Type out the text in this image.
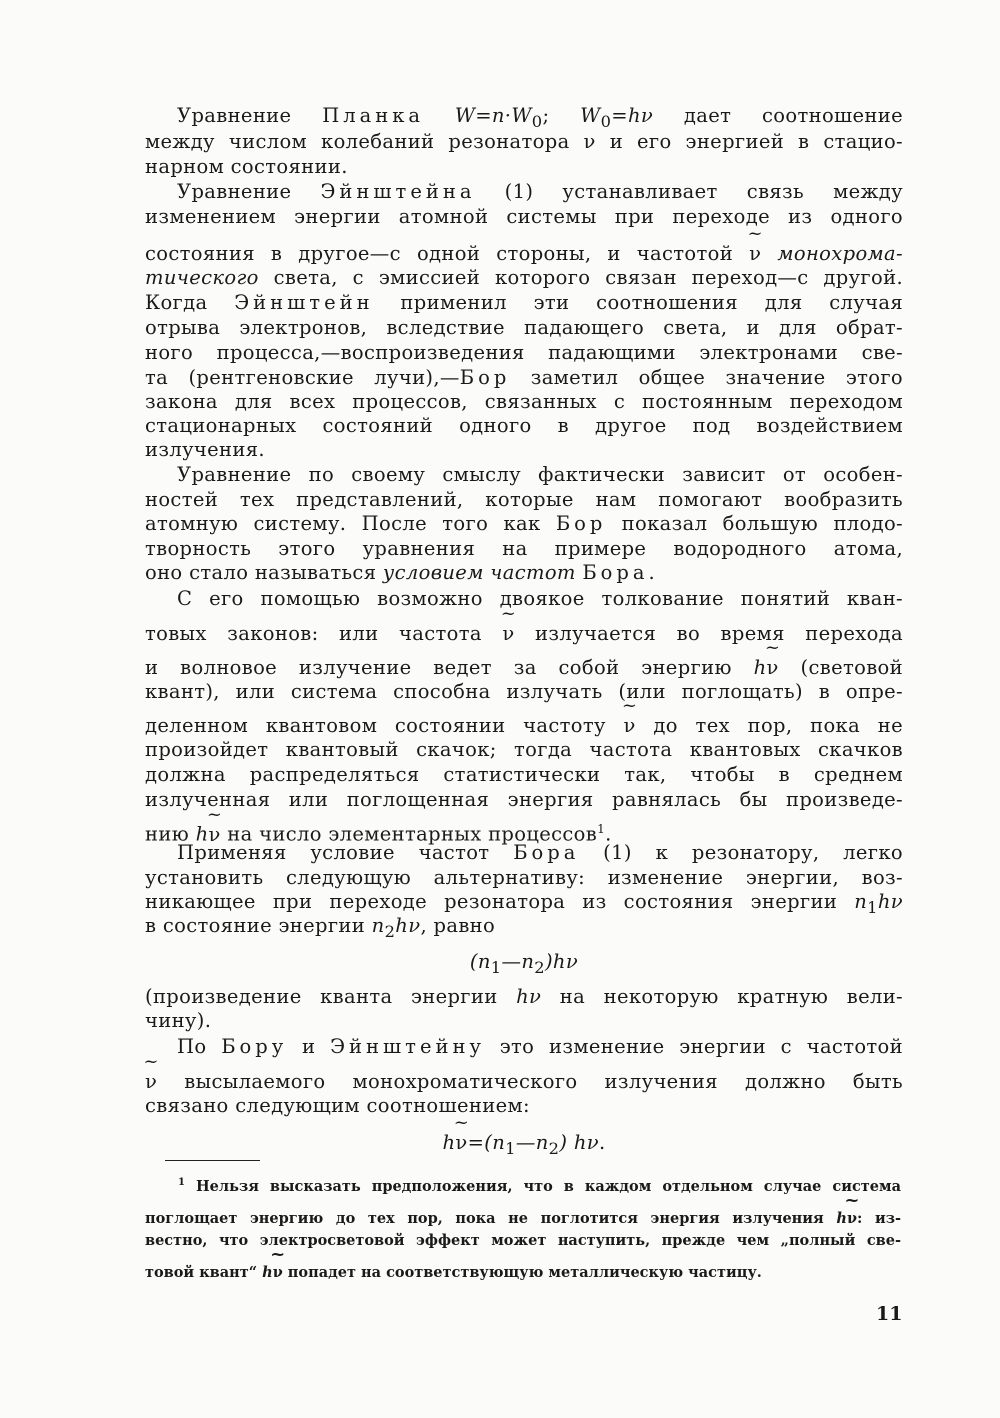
Уравнение Планка $W=n\cdot W_0$; $W_0=h\nu$ дает соотношение
между числом колебаний резонатора ν и его энергией в стацио-
нарном состоянии.
Уравнение Эйнштейна (1) устанавливает связь между
изменением энергии атомной системы при переходе из одного
состояния в другое—с одной стороны, и частотой ~ ν монохрома-
тического света, с эмиссией которого связан переход—с другой.
Когда Эйнштейн применил эти соотношения для случая
отрыва электронов, вследствие падающего света, и для обрат-
ного процесса,—воспроизведения падающими электронами све-
та (рентгеновские лучи),—Бор заметил общее значение этого
закона для всех процессов, связанных с постоянным переходом
стационарных состояний одного в другое под воздействием
излучения.
Уравнение по своему смыслу фактически зависит от особен-
ностей тех представлений, которые нам помогают вообразить
атомную систему. После того как Бор показал большую плодо-
творность этого уравнения на примере водородного атома,
оно стало называться условием частот Бора.
С его помощью возможно двоякое толкование понятий кван-
товых законов: или частота ~ ν излучается во время перехода
и волновое излучение ведет за собой энергию h~ ν (световой
квант), или система способна излучать (или поглощать) в опре-
деленном квантовом состоянии частоту ~ ν до тех пор, пока не
произойдет квантовый скачок; тогда частота квантовых скачков
должна распределяться статистически так, чтобы в среднем
излученная или поглощенная энергия равнялась бы произведе-
нию h~ ν на число элементарных процессов$^1$.
Применяя условие частот Бора (1) к резонатору, легко
установить следующую альтернативу: изменение энергии, воз-
никающее при переходе резонатора из состояния энергии $n_1h\nu$
в состояние энергии $n_2h\nu$, равно
$(n_1—n_2)h\nu$
(произведение кванта энергии hν на некоторую кратную вели-
чину).
По Бору и Эйнштейну это изменение энергии с частотой
~ ν высылаемого монохроматического излучения должно быть
связано следующим соотношением:
h~ $\nu=(n_1—n_2)$ hν.
$^1$ Нельзя высказать предположения, что в каждом отдельном случае система
поглощает энергию до тех пор, пока не поглотится энергия излучения h~ ν: из-
вестно, что электросветовой эффект может наступить, прежде чем „полный све-
товой квант“ h~ ν попадет на соответствующую металлическую частицу.
11
